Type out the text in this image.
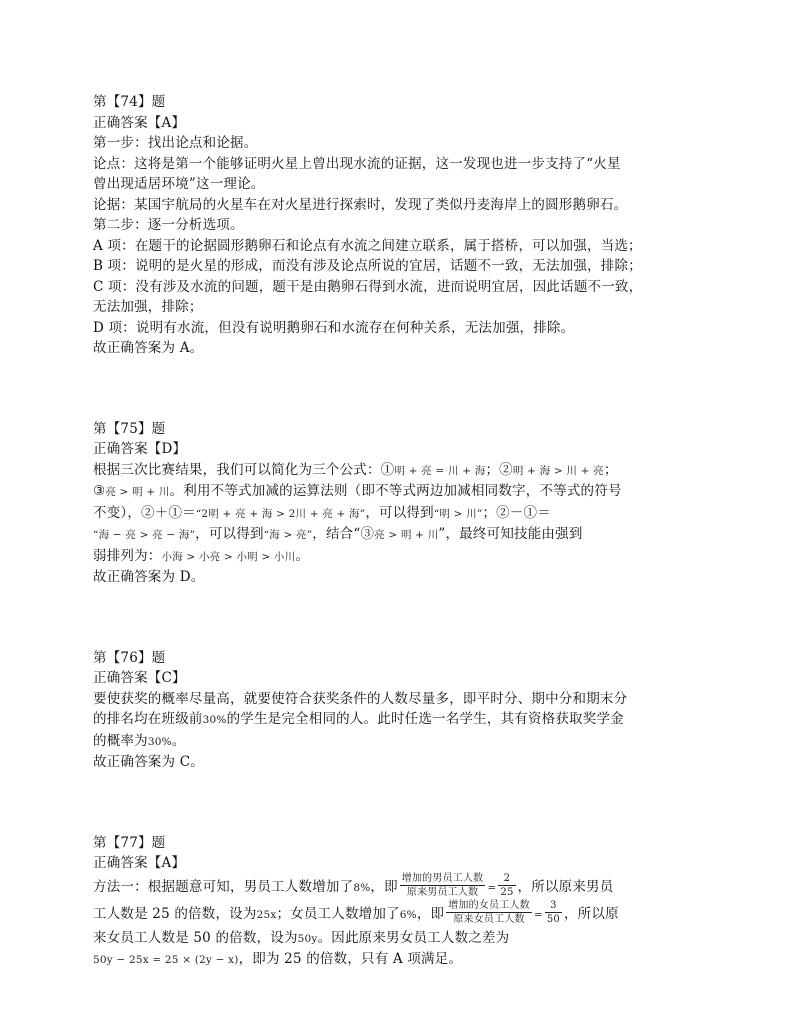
第【74】题
正确答案【A】
第一步：找出论点和论据。
论点：这将是第一个能够证明火星上曾出现水流的证据，这一发现也进一步支持了“火星
曾出现适居环境”这一理论。
论据：某国宇航局的火星车在对火星进行探索时，发现了类似丹麦海岸上的圆形鹅卵石。
第二步：逐一分析选项。
A 项：在题干的论据圆形鹅卵石和论点有水流之间建立联系，属于搭桥，可以加强，当选；
B 项：说明的是火星的形成，而没有涉及论点所说的宜居，话题不一致，无法加强，排除；
C 项：没有涉及水流的问题，题干是由鹅卵石得到水流，进而说明宜居，因此话题不一致，
无法加强，排除；
D 项：说明有水流，但没有说明鹅卵石和水流存在何种关系，无法加强，排除。
故正确答案为 A。
第【75】题
正确答案【D】
根据三次比赛结果，我们可以简化为三个公式：①明 + 亮 = 川 + 海；②明 + 海 > 川 + 亮；
③亮 > 明 + 川。利用不等式加减的运算法则（即不等式两边加减相同数字，不等式的符号
不变），②＋①＝“2明 + 亮 + 海 > 2川 + 亮 + 海”，可以得到“明 > 川”；②－①＝
“海 − 亮 > 亮 − 海”，可以得到“海 > 亮”，结合“③亮 > 明 + 川”，最终可知技能由强到
弱排列为：小海 > 小亮 > 小明 > 小川。
故正确答案为 D。
第【76】题
正确答案【C】
要使获奖的概率尽量高，就要使符合获奖条件的人数尽量多，即平时分、期中分和期末分
的排名均在班级前30%的学生是完全相同的人。此时任选一名学生，其有资格获取奖学金
的概率为30%。
故正确答案为 C。
第【77】题
正确答案【A】
方法一：根据题意可知，男员工人数增加了8%，即 $\frac{\text{增加的男员工人数}}{\text{原来男员工人数}} = \frac{2}{25}$ ，所以原来男员
工人数是 25 的倍数，设为25x；女员工人数增加了6%，即 $\frac{\text{增加的女员工人数}}{\text{原来女员工人数}} = \frac{3}{50}$ ，所以原
来女员工人数是 50 的倍数，设为50y。因此原来男女员工人数之差为
50y − 25x = 25 × (2y − x)，即为 25 的倍数，只有 A 项满足。
